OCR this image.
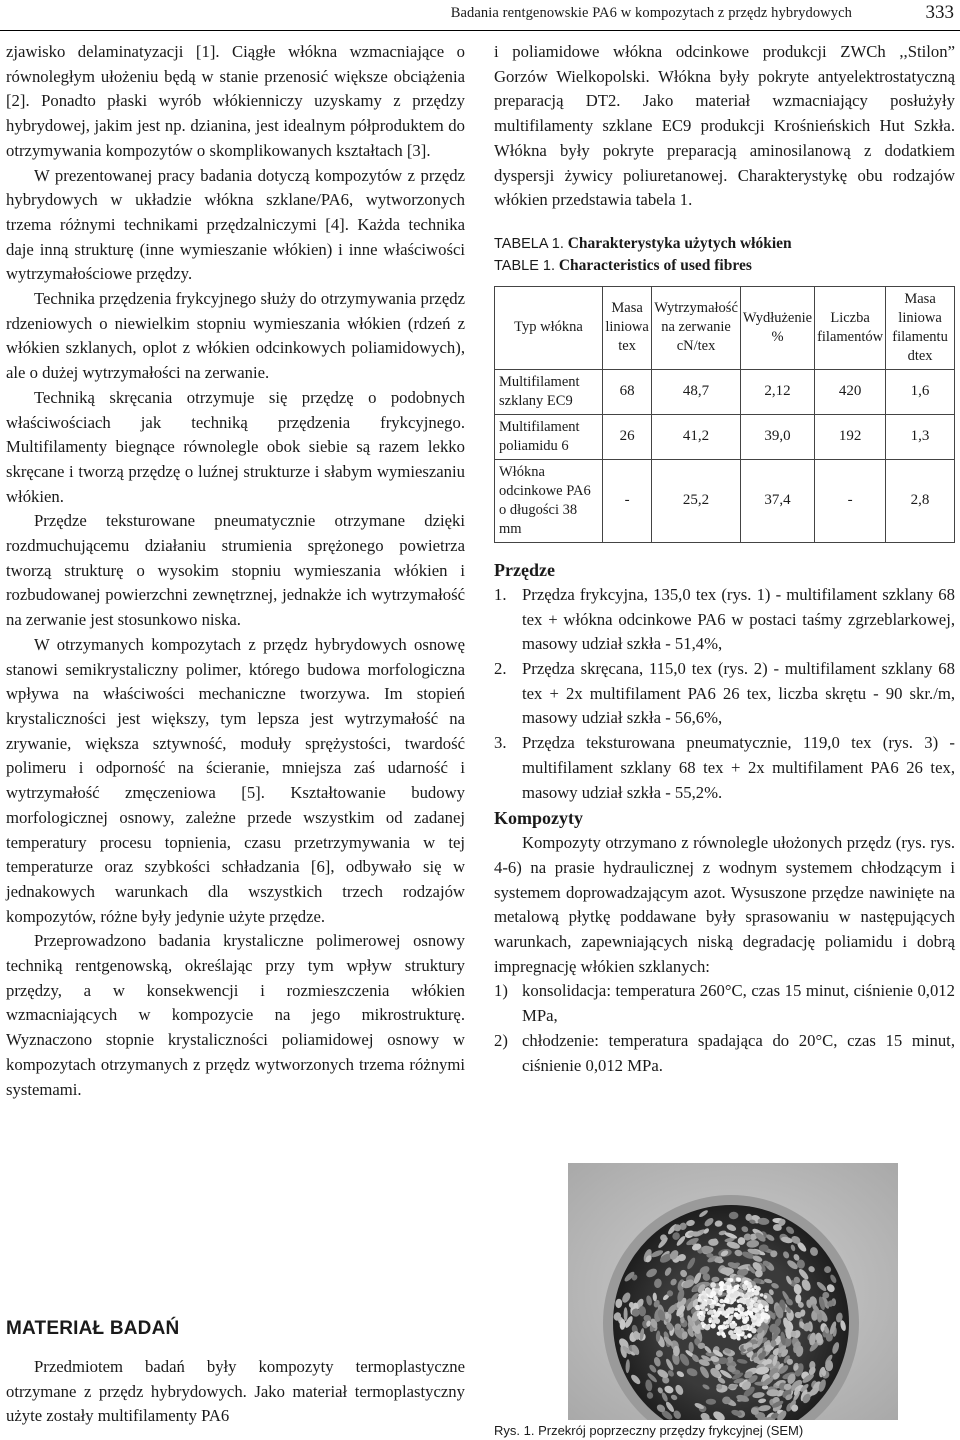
Badania rentgenowskie PA6 w kompozytach z przędz hybrydowych	333

zjawisko delaminatyzacji [1]. Ciągłe włókna wzmacniające o równoległym ułożeniu będą w stanie przenosić większe obciążenia [2]. Ponadto płaski wyrób włókienniczy uzyskamy z przędzy hybrydowej, jakim jest np. dzianina, jest idealnym półproduktem do otrzymywania kompozytów o skomplikowanych kształtach [3].

W prezentowanej pracy badania dotyczą kompozytów z przędz hybrydowych w układzie włókna szklane/PA6, wytworzonych trzema różnymi technikami przędzalniczymi [4]. Każda technika daje inną strukturę (inne wymieszanie włókien) i inne właściwości wytrzymałościowe przędzy.

Technika przędzenia frykcyjnego służy do otrzymywania przędz rdzeniowych o niewielkim stopniu wymieszania włókien (rdzeń z włókien szklanych, oplot z włókien odcinkowych poliamidowych), ale o dużej wytrzymałości na zerwanie.

Techniką skręcania otrzymuje się przędzę o podobnych właściwościach jak techniką przędzenia frykcyjnego. Multifilamenty biegnące równolegle obok siebie są razem lekko skręcane i tworzą przędzę o luźnej strukturze i słabym wymieszaniu włókien.

Przędze teksturowane pneumatycznie otrzymane dzięki rozdmuchującemu działaniu strumienia sprężonego powietrza tworzą strukturę o wysokim stopniu wymieszania włókien i rozbudowanej powierzchni zewnętrznej, jednakże ich wytrzymałość na zerwanie jest stosunkowo niska.

W otrzymanych kompozytach z przędz hybrydowych osnowę stanowi semikrystaliczny polimer, którego budowa morfologiczna wpływa na właściwości mechaniczne tworzywa. Im stopień krystaliczności jest większy, tym lepsza jest wytrzymałość na zrywanie, większa sztywność, moduły sprężystości, twardość polimeru i odporność na ścieranie, mniejsza zaś udarność i wytrzymałość zmęczeniowa [5]. Kształtowanie budowy morfologicznej osnowy, zależne przede wszystkim od zadanej temperatury procesu topnienia, czasu przetrzymywania w tej temperaturze oraz szybkości schładzania [6], odbywało się w jednakowych warunkach dla wszystkich trzech rodzajów kompozytów, różne były jedynie użyte przędze.

Przeprowadzono badania krystaliczne polimerowej osnowy techniką rentgenowską, określając przy tym wpływ struktury przędzy, a w konsekwencji i rozmieszczenia włókien wzmacniających w kompozycie na jego mikrostrukturę. Wyznaczono stopnie krystaliczności poliamidowej osnowy w kompozytach otrzymanych z przędz wytworzonych trzema różnymi systemami.

MATERIAŁ BADAŃ

Przedmiotem badań były kompozyty termoplastyczne otrzymane z przędz hybrydowych. Jako materiał termoplastyczny użyte zostały multifilamenty PA6

i poliamidowe włókna odcinkowe produkcji ZWCh ,,Stilon” Gorzów Wielkopolski. Włókna były pokryte antyelektrostatyczną preparacją DT2. Jako materiał wzmacniający posłużyły multifilamenty szklane EC9 produkcji Krośnieńskich Hut Szkła. Włókna były pokryte preparacją aminosilanową z dodatkiem dyspersji żywicy poliuretanowej. Charakterystykę obu rodzajów włókien przedstawia tabela 1.

TABELA 1. Charakterystyka użytych włókien

TABLE 1. Characteristics of used fibres

Typ włókna	Masa liniowa tex	Wytrzymałość na zerwanie cN/tex	Wydłużenie %	Liczba filamentów	Masa liniowa filamentu dtex
Multifilament szklany EC9	68	48,7	2,12	420	1,6
Multifilament poliamidu 6	26	41,2	39,0	192	1,3
Włókna odcinkowe PA6 o długości 38 mm	-	25,2	37,4	-	2,8
Przędze
1. Przędza frykcyjna, 135,0 tex (rys. 1) - multifilament szklany 68 tex + włókna odcinkowe PA6 w postaci taśmy zgrzeblarkowej, masowy udział szkła - 51,4%,
2. Przędza skręcana, 115,0 tex (rys. 2) - multifilament szklany 68 tex + 2x multifilament PA6 26 tex, liczba skrętu - 90 skr./m, masowy udział szkła - 56,6%,
3. Przędza teksturowana pneumatycznie, 119,0 tex (rys. 3) - multifilament szklany 68 tex + 2x multifilament PA6 26 tex, masowy udział szkła - 55,2%.
Kompozyty

Kompozyty otrzymano z równolegle ułożonych przędz (rys. rys. 4-6) na prasie hydraulicznej z wodnym systemem chłodzącym i systemem doprowadzającym azot. Wysuszone przędze nawinięte na metalową płytkę poddawane były sprasowaniu w następujących warunkach, zapewniających niską degradację poliamidu i dobrą impregnację włókien szklanych:

1) konsolidacja: temperatura 260°C, czas 15 minut, ciśnienie 0,012 MPa,
2) chłodzenie: temperatura spadająca do 20°C, czas 15 minut, ciśnienie 0,012 MPa.
Rys. 1. Przekrój poprzeczny przędzy frykcyjnej (SEM)
